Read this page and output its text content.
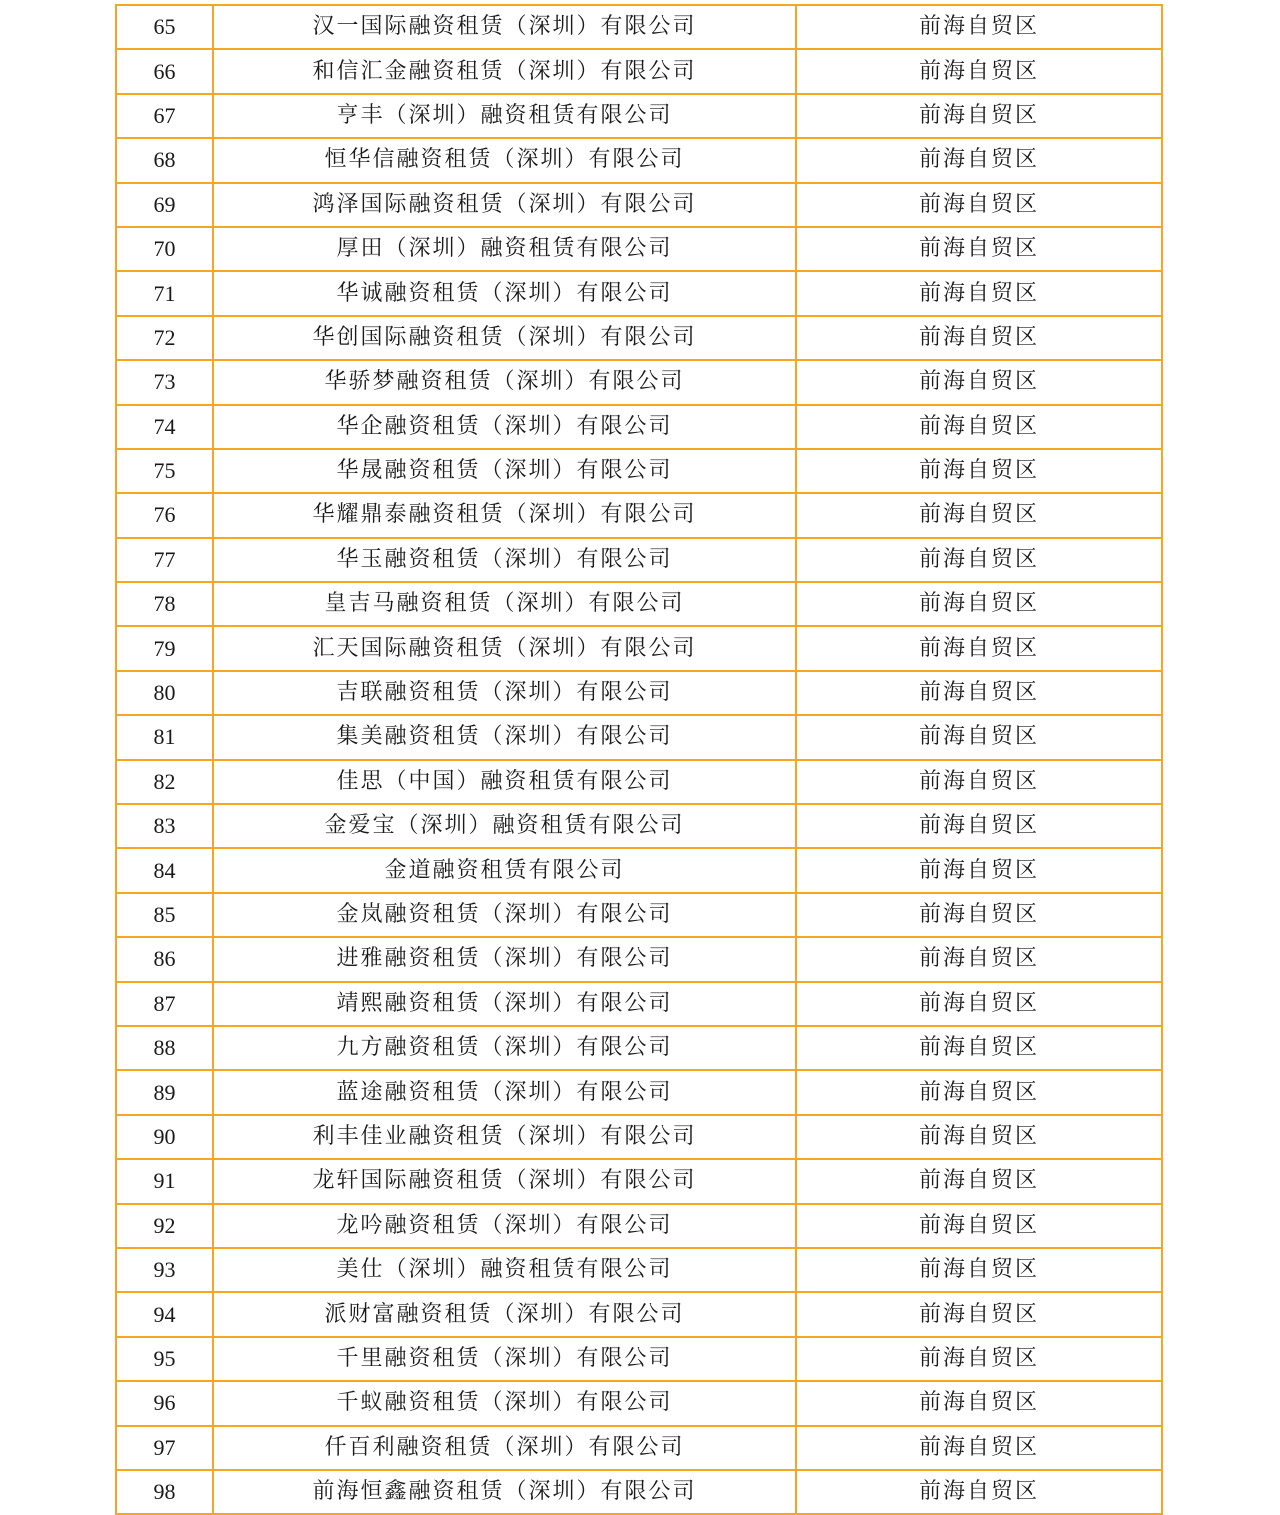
65	汉一国际融资租赁（深圳）有限公司	前海自贸区
66	和信汇金融资租赁（深圳）有限公司	前海自贸区
67	亨丰（深圳）融资租赁有限公司	前海自贸区
68	恒华信融资租赁（深圳）有限公司	前海自贸区
69	鸿泽国际融资租赁（深圳）有限公司	前海自贸区
70	厚田（深圳）融资租赁有限公司	前海自贸区
71	华诚融资租赁（深圳）有限公司	前海自贸区
72	华创国际融资租赁（深圳）有限公司	前海自贸区
73	华骄梦融资租赁（深圳）有限公司	前海自贸区
74	华企融资租赁（深圳）有限公司	前海自贸区
75	华晟融资租赁（深圳）有限公司	前海自贸区
76	华耀鼎泰融资租赁（深圳）有限公司	前海自贸区
77	华玉融资租赁（深圳）有限公司	前海自贸区
78	皇吉马融资租赁（深圳）有限公司	前海自贸区
79	汇天国际融资租赁（深圳）有限公司	前海自贸区
80	吉联融资租赁（深圳）有限公司	前海自贸区
81	集美融资租赁（深圳）有限公司	前海自贸区
82	佳思（中国）融资租赁有限公司	前海自贸区
83	金爱宝（深圳）融资租赁有限公司	前海自贸区
84	金道融资租赁有限公司	前海自贸区
85	金岚融资租赁（深圳）有限公司	前海自贸区
86	进雅融资租赁（深圳）有限公司	前海自贸区
87	靖熙融资租赁（深圳）有限公司	前海自贸区
88	九方融资租赁（深圳）有限公司	前海自贸区
89	蓝途融资租赁（深圳）有限公司	前海自贸区
90	利丰佳业融资租赁（深圳）有限公司	前海自贸区
91	龙轩国际融资租赁（深圳）有限公司	前海自贸区
92	龙吟融资租赁（深圳）有限公司	前海自贸区
93	美仕（深圳）融资租赁有限公司	前海自贸区
94	派财富融资租赁（深圳）有限公司	前海自贸区
95	千里融资租赁（深圳）有限公司	前海自贸区
96	千蚁融资租赁（深圳）有限公司	前海自贸区
97	仟百利融资租赁（深圳）有限公司	前海自贸区
98	前海恒鑫融资租赁（深圳）有限公司	前海自贸区
